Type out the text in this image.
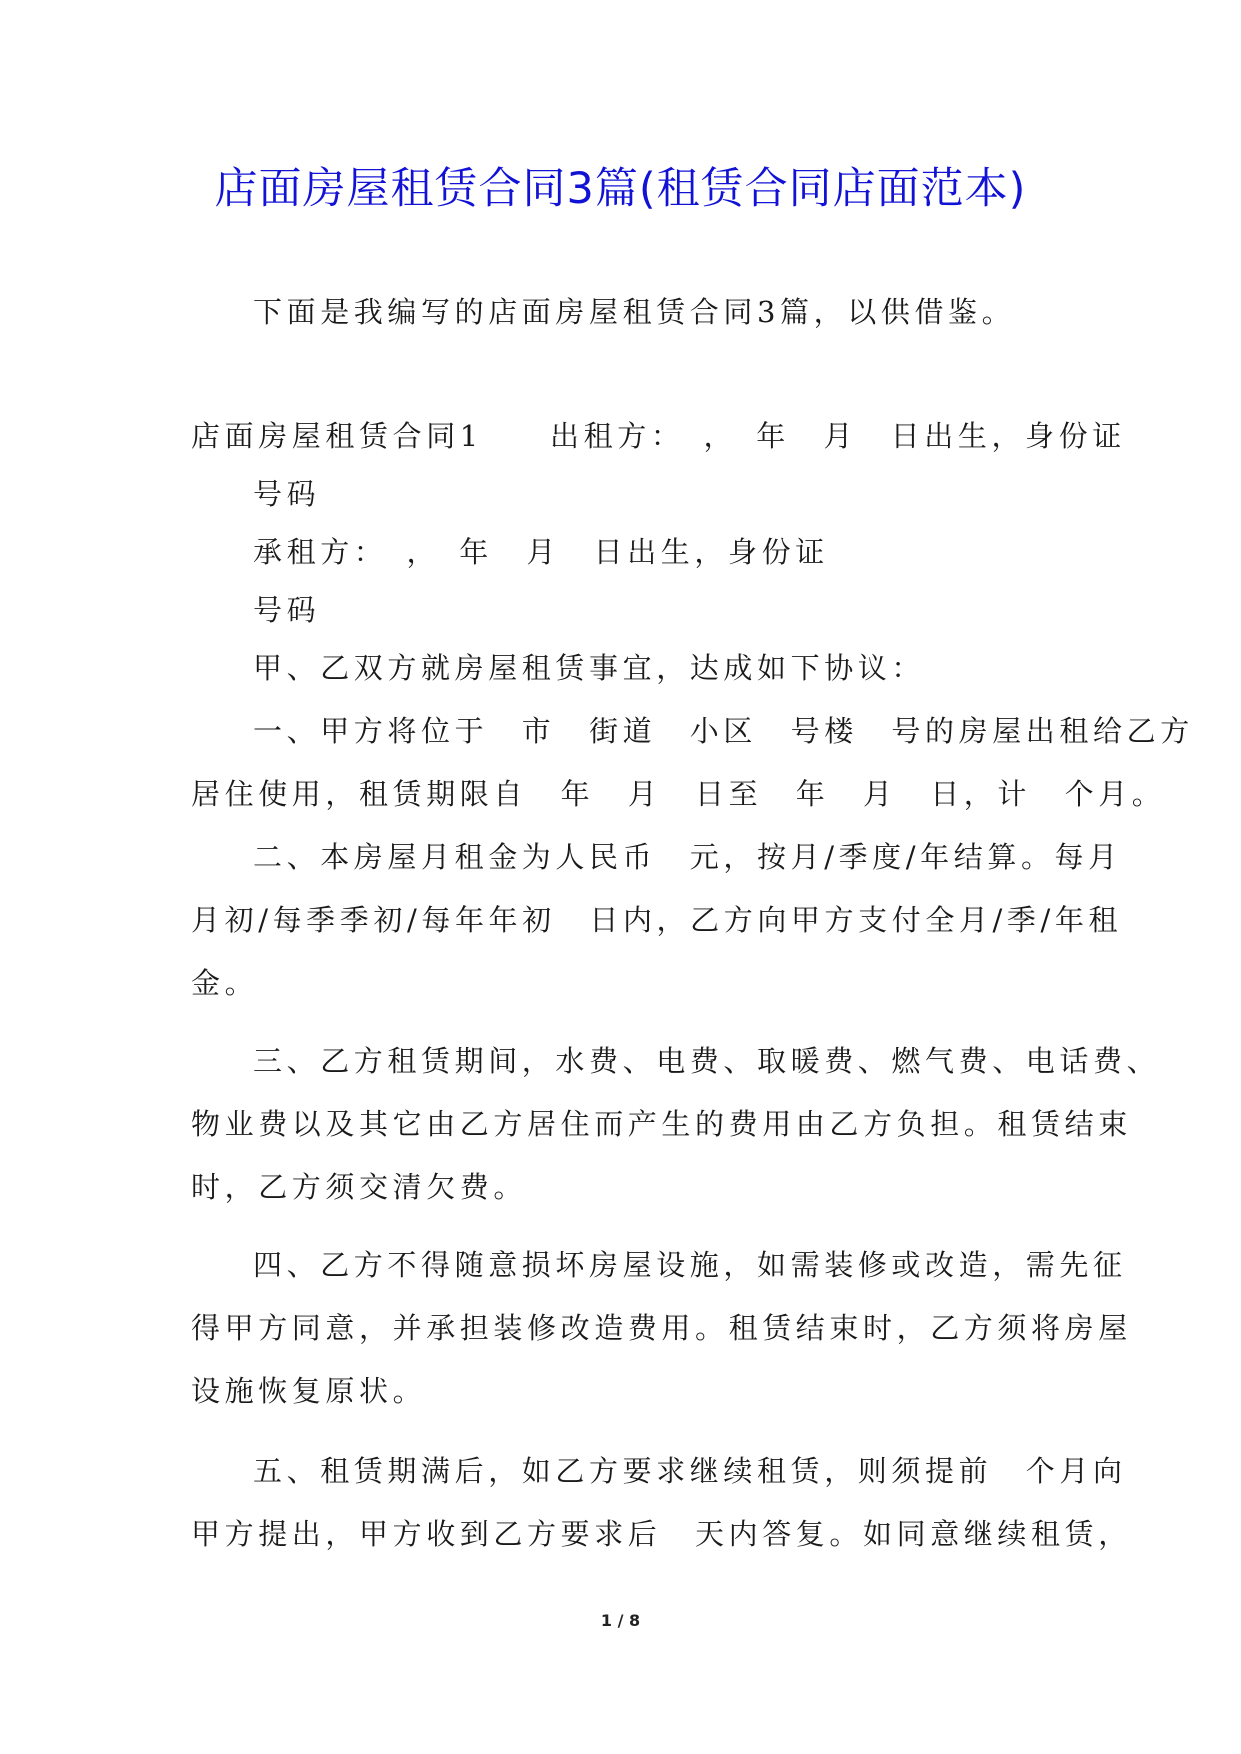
店面房屋租赁合同3篇(租赁合同店面范本)
下面是我编写的店面房屋租赁合同3篇，以供借鉴。
店面房屋租赁合同1　　出租方：　，　年　月　日出生，身份证
号码
承租方：　，　年　月　日出生，身份证
号码
甲、乙双方就房屋租赁事宜，达成如下协议：
一、甲方将位于　市　街道　小区　号楼　号的房屋出租给乙方
居住使用，租赁期限自　年　月　日至　年　月　日，计　个月。
二、本房屋月租金为人民币　元，按月/季度/年结算。每月
月初/每季季初/每年年初　日内，乙方向甲方支付全月/季/年租
金。
三、乙方租赁期间，水费、电费、取暖费、燃气费、电话费、
物业费以及其它由乙方居住而产生的费用由乙方负担。租赁结束
时，乙方须交清欠费。
四、乙方不得随意损坏房屋设施，如需装修或改造，需先征
得甲方同意，并承担装修改造费用。租赁结束时，乙方须将房屋
设施恢复原状。
五、租赁期满后，如乙方要求继续租赁，则须提前　个月向
甲方提出，甲方收到乙方要求后　天内答复。如同意继续租赁，
1 / 8
